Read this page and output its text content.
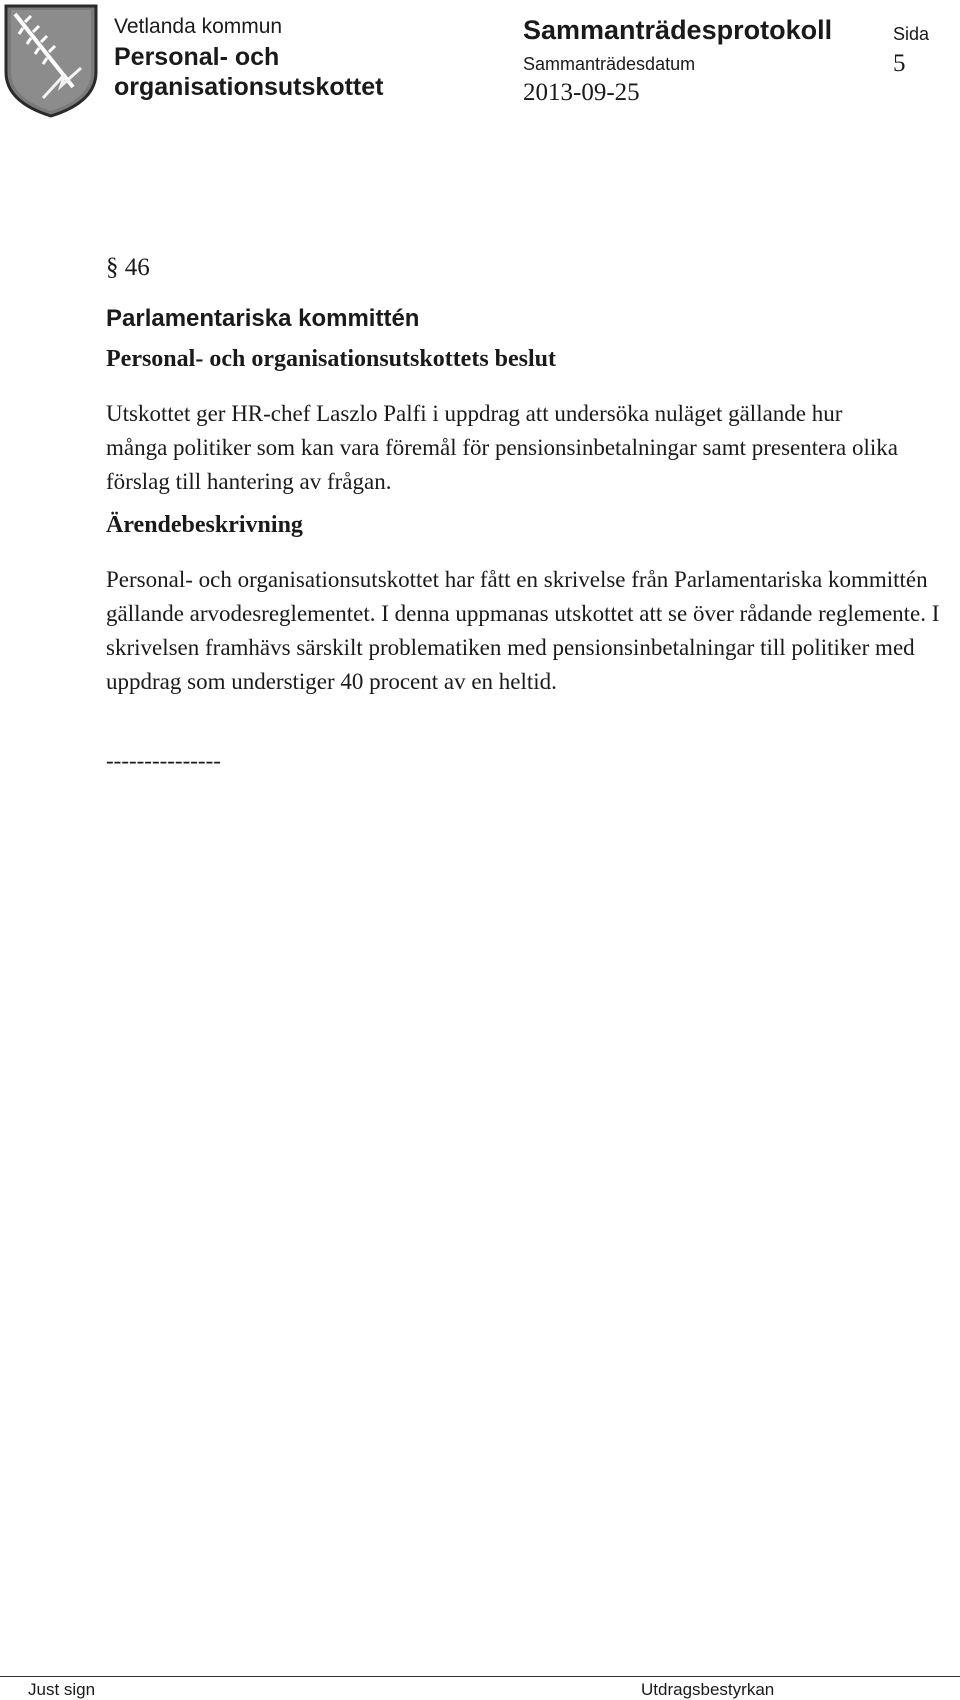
Vetlanda kommun
Personal- och organisationsutskottet
Sammanträdesprotokoll
Sammanträdesdatum
2013-09-25
Sida
5
§ 46
Parlamentariska kommittén
Personal- och organisationsutskottets beslut
Utskottet ger HR-chef Laszlo Palfi i uppdrag att undersöka nuläget gällande hur många politiker som kan vara föremål för pensionsinbetalningar samt presentera olika förslag till hantering av frågan.
Ärendebeskrivning
Personal- och organisationsutskottet har fått en skrivelse från Parlamentariska kommittén gällande arvodesreglementet. I denna uppmanas utskottet att se över rådande reglemente. I skrivelsen framhävs särskilt problematiken med pensionsinbetalningar till politiker med uppdrag som understiger 40 procent av en heltid.
---------------
Just sign	Utdragsbestyrkan
